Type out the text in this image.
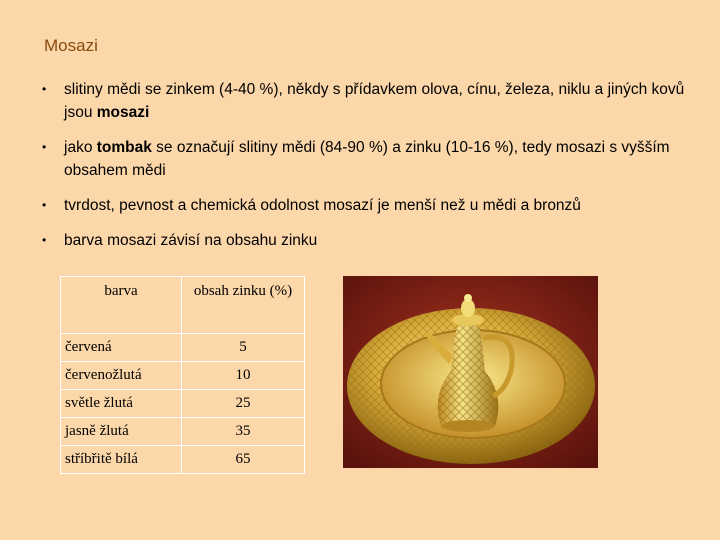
Mosazi
• slitiny mědi se zinkem (4-40 %), někdy s přídavkem olova, cínu, železa, niklu a jiných kovů jsou mosazi
• jako tombak se označují slitiny mědi (84-90 %) a zinku (10-16 %), tedy mosazi s vyšším obsahem mědi
• tvrdost, pevnost a chemická odolnost mosazí je menší než u mědi a bronzů
• barva mosazi závisí na obsahu zinku
barva	obsah zinku (%)
červená	5
červenožlutá	10
světle žlutá	25
jasně žlutá	35
stříbřitě bílá	65
